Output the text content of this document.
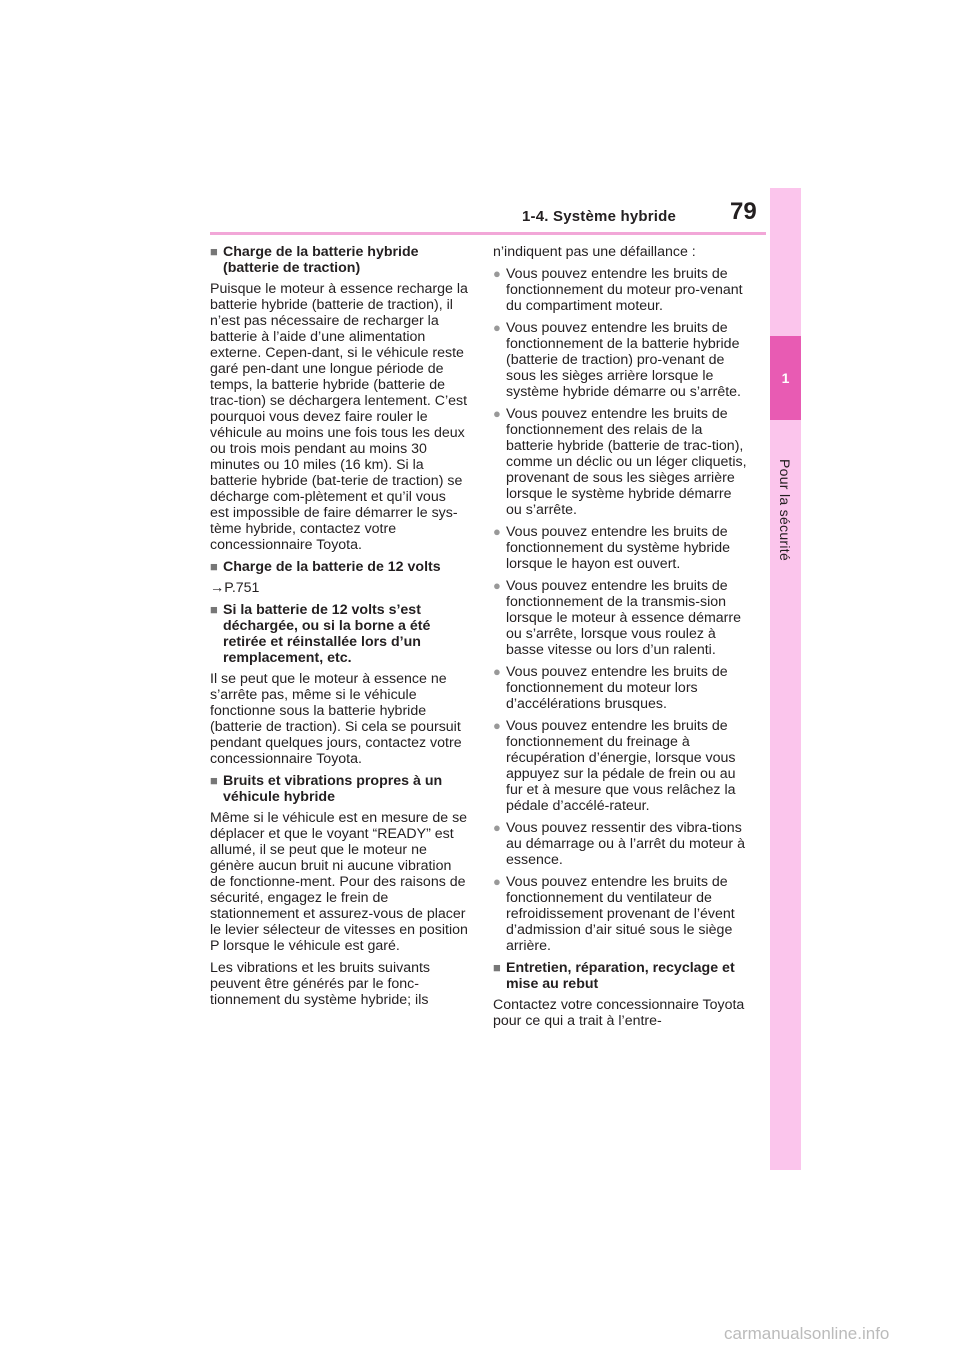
1-4. Système hybride 79
1
Pour la sécurité
■ Charge de la batterie hybride (batterie de traction)

Puisque le moteur à essence recharge la batterie hybride (batterie de traction), il n’est pas nécessaire de recharger la batterie à l’aide d’une alimentation externe. Cepen-dant, si le véhicule reste garé pen-dant une longue période de temps, la batterie hybride (batterie de trac-tion) se déchargera lentement. C’est pourquoi vous devez faire rouler le véhicule au moins une fois tous les deux ou trois mois pendant au moins 30 minutes ou 10 miles (16 km). Si la batterie hybride (bat-terie de traction) se décharge com-plètement et qu’il vous est impossible de faire démarrer le sys-tème hybride, contactez votre concessionnaire Toyota.

■ Charge de la batterie de 12 volts

→P.751

■ Si la batterie de 12 volts s’est déchargée, ou si la borne a été retirée et réinstallée lors d’un remplacement, etc.

Il se peut que le moteur à essence ne s’arrête pas, même si le véhicule fonctionne sous la batterie hybride (batterie de traction). Si cela se poursuit pendant quelques jours, contactez votre concessionnaire Toyota.

■ Bruits et vibrations propres à un véhicule hybride

Même si le véhicule est en mesure de se déplacer et que le voyant “READY” est allumé, il se peut que le moteur ne génère aucun bruit ni aucune vibration de fonctionne-ment. Pour des raisons de sécurité, engagez le frein de stationnement et assurez-vous de placer le levier sélecteur de vitesses en position P lorsque le véhicule est garé.

Les vibrations et les bruits suivants peuvent être générés par le fonc-tionnement du système hybride; ils

n’indiquent pas une défaillance :

● Vous pouvez entendre les bruits de fonctionnement du moteur pro-venant du compartiment moteur.
● Vous pouvez entendre les bruits de fonctionnement de la batterie hybride (batterie de traction) pro-venant de sous les sièges arrière lorsque le système hybride démarre ou s’arrête.
● Vous pouvez entendre les bruits de fonctionnement des relais de la batterie hybride (batterie de trac-tion), comme un déclic ou un léger cliquetis, provenant de sous les sièges arrière lorsque le système hybride démarre ou s’arrête.
● Vous pouvez entendre les bruits de fonctionnement du système hybride lorsque le hayon est ouvert.
● Vous pouvez entendre les bruits de fonctionnement de la transmis-sion lorsque le moteur à essence démarre ou s’arrête, lorsque vous roulez à basse vitesse ou lors d’un ralenti.
● Vous pouvez entendre les bruits de fonctionnement du moteur lors d’accélérations brusques.
● Vous pouvez entendre les bruits de fonctionnement du freinage à récupération d’énergie, lorsque vous appuyez sur la pédale de frein ou au fur et à mesure que vous relâchez la pédale d’accélé-rateur.
● Vous pouvez ressentir des vibra-tions au démarrage ou à l’arrêt du moteur à essence.
● Vous pouvez entendre les bruits de fonctionnement du ventilateur de refroidissement provenant de l’évent d’admission d’air situé sous le siège arrière.
■ Entretien, réparation, recyclage et mise au rebut

Contactez votre concessionnaire Toyota pour ce qui a trait à l’entre-

carmanualsonline.info
